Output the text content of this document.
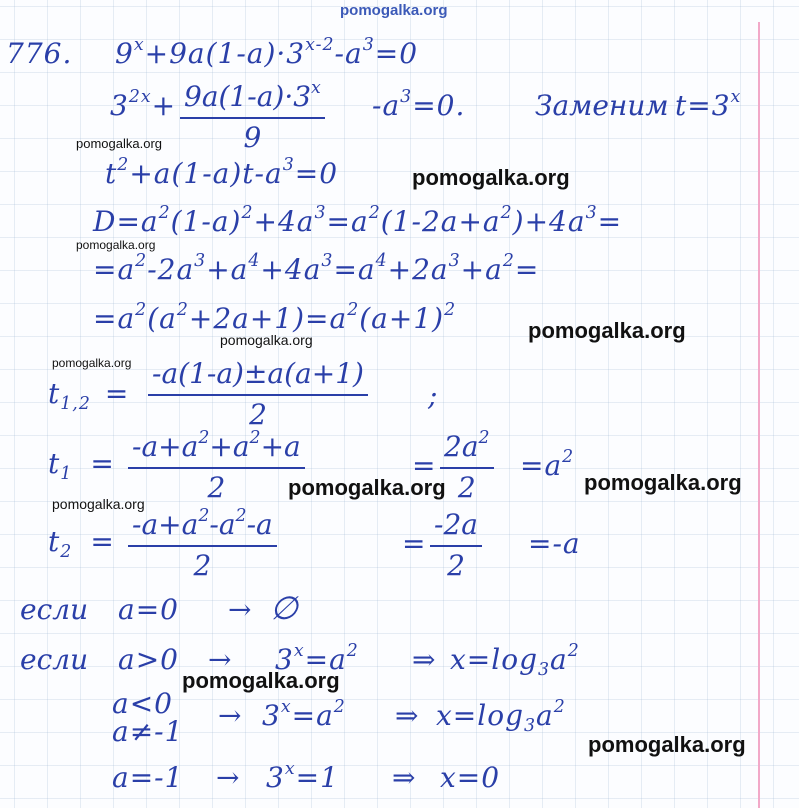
pomogalka.org
776. $9^x+9a(1-a)\cdot 3^{x-2}-a^3=0$
$3^{2x}+ 9a(1-a)\cdot 3^x$
9
$-a^3=0$. Заменим $t=3^x$
pomogalka.org
$t^2+a(1-a)t-a^3=0$	pomogalka.org
$D=a^2(1-a)^2+4a^3=a^2(1-2a+a^2)+4a^3=$
pomogalka.org
$=a^2-2a^3+a^4+4a^3=a^4+2a^3+a^2=$
$=a^2(a^2+2a+1)=a^2(a+1)^2$
pomogalka.org
pomogalka.org
pomogalka.org
$t_{1,2}$ =
-a(1-a)±a(a+1)
2
;
$t_1$ =
$-a+a^2+a^2+a$
2
=
$2a^2$
2
$=a^2$
pomogalka.org	pomogalka.org
pomogalka.org
$t_2$ =
$-a+a^2-a^2-a$
2
=
-2a
2
=-a
если a=0 → ∅
если $a>0 \to 3^x=a^2$ ⇒ $x=\log_3a^2$
pomogalka.org
a<0
$a\ne-1 \to 3^x=a^2$ ⇒ $x=\log_3a^2$
pomogalka.org
$a=-1 \to 3^x=1$ ⇒ x=0
